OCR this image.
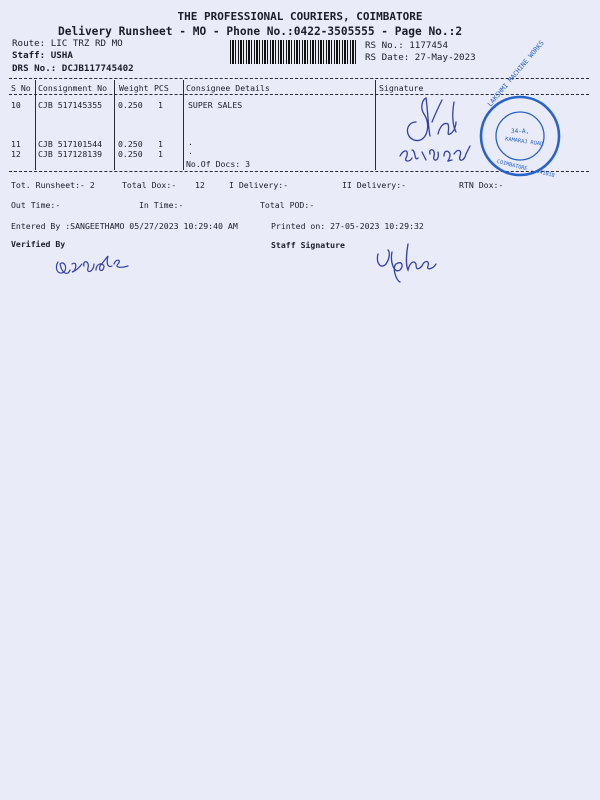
THE PROFESSIONAL COURIERS, COIMBATORE
Delivery Runsheet - MO - Phone No.:0422-3505555 - Page No.:2
Route: LIC TRZ RD MO
Staff: USHA
DRS No.: DCJB117745402
RS No.: 1177454
RS Date: 27-May-2023
S No Consignment No Weight PCS Consignee Details	Signature
10 CJB 517145355 0.250 1	SUPER SALES
11 CJB 517101544 0.250 1	.
12 CJB 517128139 0.250 1	.
No.Of Docs: 3
LAKSHMI MACHINE WORKS
34-A,
KAMARAJ ROAD
COIMBATORE - 641018
Tot. Runsheet:- 2	Total Dox:- 12	I Delivery:-	II Delivery:-	RTN Dox:-
Out Time:-	In Time:-	Total POD:-
Entered By :SANGEETHAMO 05/27/2023 10:29:40 AM	Printed on: 27-05-2023 10:29:32
Verified By	Staff Signature
